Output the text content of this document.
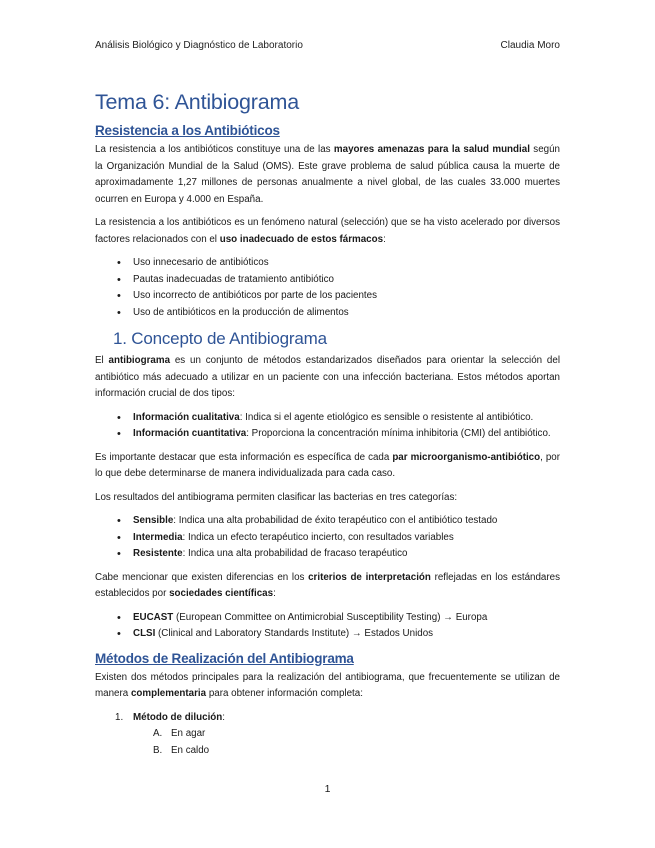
Análisis Biológico y Diagnóstico de Laboratorio	Claudia Moro
Tema 6: Antibiograma
Resistencia a los Antibióticos

La resistencia a los antibióticos constituye una de las mayores amenazas para la salud mundial según la Organización Mundial de la Salud (OMS). Este grave problema de salud pública causa la muerte de aproximadamente 1,27 millones de personas anualmente a nivel global, de las cuales 33.000 muertes ocurren en Europa y 4.000 en España.

La resistencia a los antibióticos es un fenómeno natural (selección) que se ha visto acelerado por diversos factores relacionados con el uso inadecuado de estos fármacos:

• Uso innecesario de antibióticos
• Pautas inadecuadas de tratamiento antibiótico
• Uso incorrecto de antibióticos por parte de los pacientes
• Uso de antibióticos en la producción de alimentos
1. Concepto de Antibiograma

El antibiograma es un conjunto de métodos estandarizados diseñados para orientar la selección del antibiótico más adecuado a utilizar en un paciente con una infección bacteriana. Estos métodos aportan información crucial de dos tipos:

• Información cualitativa: Indica si el agente etiológico es sensible o resistente al antibiótico.
• Información cuantitativa: Proporciona la concentración mínima inhibitoria (CMI) del antibiótico.

Es importante destacar que esta información es específica de cada par microorganismo-antibiótico, por lo que debe determinarse de manera individualizada para cada caso.

Los resultados del antibiograma permiten clasificar las bacterias en tres categorías:

• Sensible: Indica una alta probabilidad de éxito terapéutico con el antibiótico testado
• Intermedia: Indica un efecto terapéutico incierto, con resultados variables
• Resistente: Indica una alta probabilidad de fracaso terapéutico

Cabe mencionar que existen diferencias en los criterios de interpretación reflejadas en los estándares establecidos por sociedades científicas:

• EUCAST (European Committee on Antimicrobial Susceptibility Testing) → Europa
• CLSI (Clinical and Laboratory Standards Institute) → Estados Unidos
Métodos de Realización del Antibiograma

Existen dos métodos principales para la realización del antibiograma, que frecuentemente se utilizan de manera complementaria para obtener información completa:

1. Método de dilución:
A. En agar
B. En caldo
1
